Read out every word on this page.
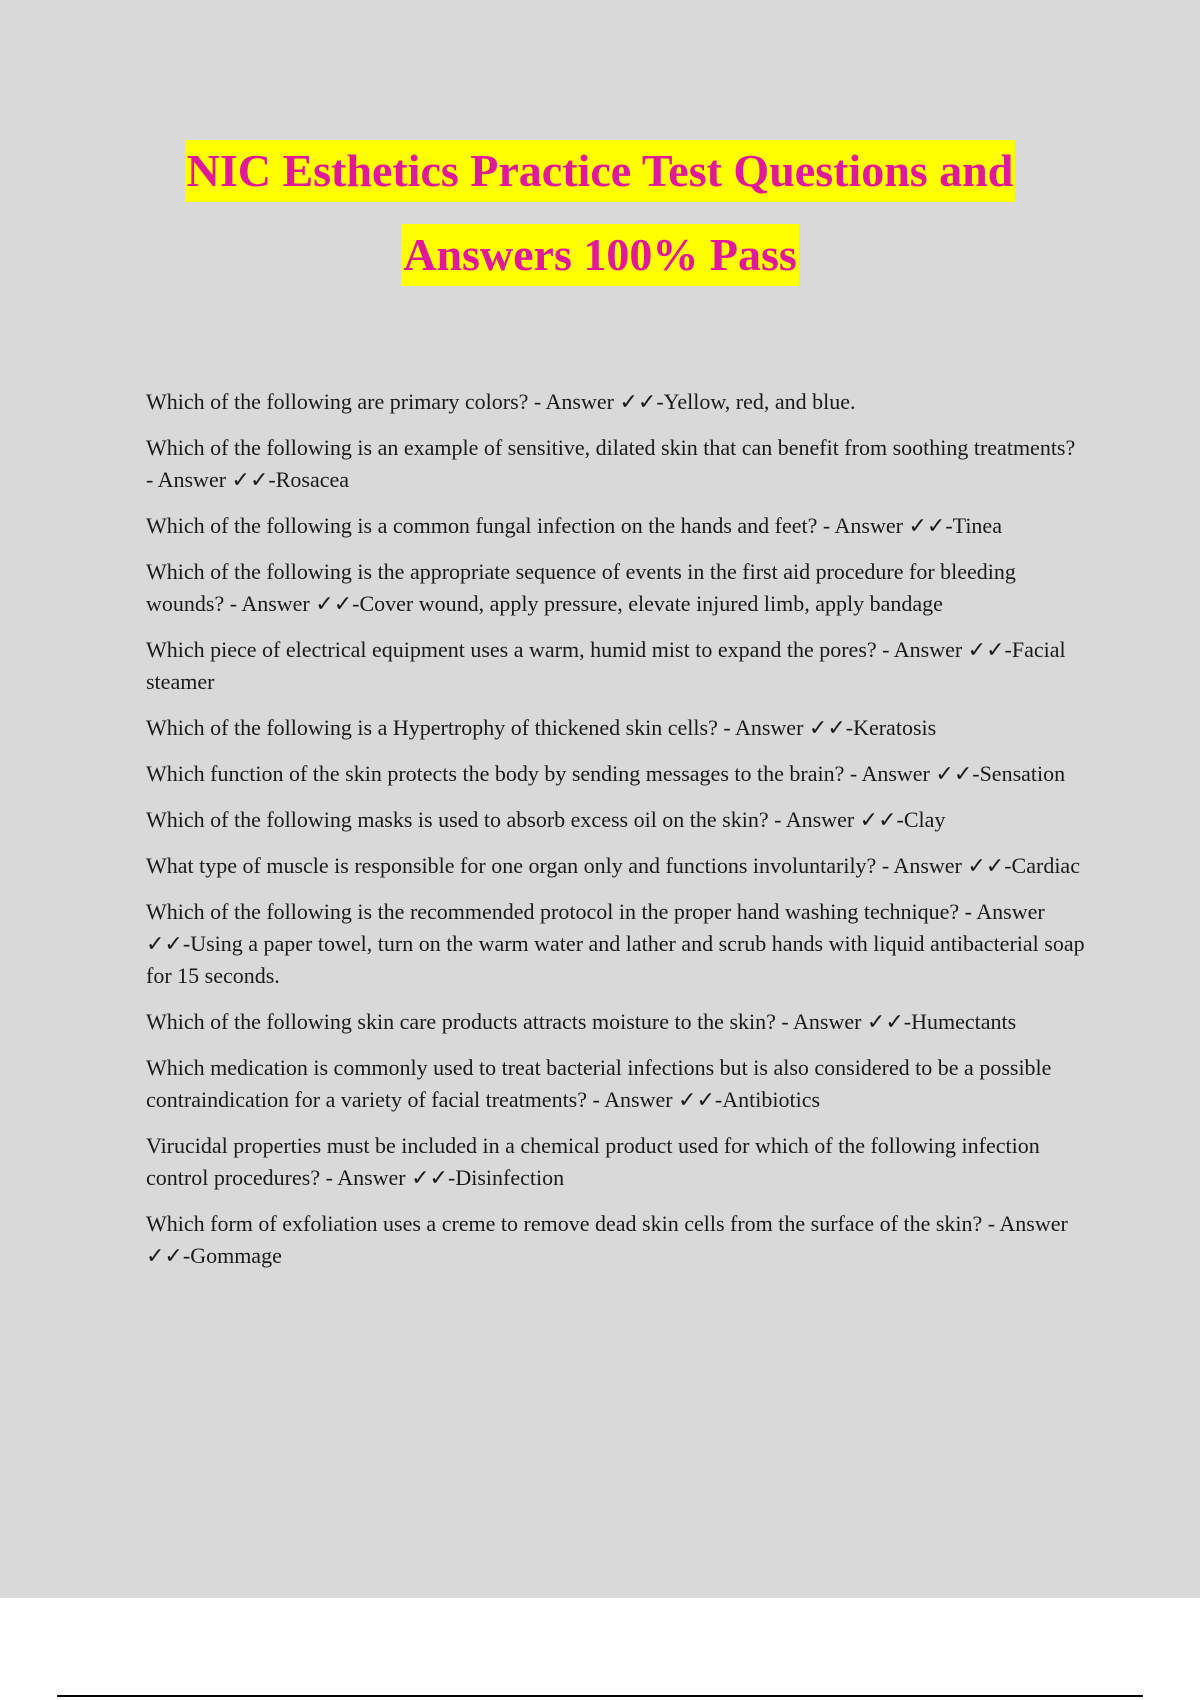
NIC Esthetics Practice Test Questions and
Answers 100% Pass
Which of the following are primary colors? - Answer ✓✓-Yellow, red, and blue.
Which of the following is an example of sensitive, dilated skin that can benefit from soothing treatments? - Answer ✓✓-Rosacea
Which of the following is a common fungal infection on the hands and feet? - Answer ✓✓-Tinea
Which of the following is the appropriate sequence of events in the first aid procedure for bleeding wounds? - Answer ✓✓-Cover wound, apply pressure, elevate injured limb, apply bandage
Which piece of electrical equipment uses a warm, humid mist to expand the pores? - Answer ✓✓-Facial steamer
Which of the following is a Hypertrophy of thickened skin cells? - Answer ✓✓-Keratosis
Which function of the skin protects the body by sending messages to the brain? - Answer ✓✓-Sensation
Which of the following masks is used to absorb excess oil on the skin? - Answer ✓✓-Clay
What type of muscle is responsible for one organ only and functions involuntarily? - Answer ✓✓-Cardiac
Which of the following is the recommended protocol in the proper hand washing technique? - Answer ✓✓-Using a paper towel, turn on the warm water and lather and scrub hands with liquid antibacterial soap for 15 seconds.
Which of the following skin care products attracts moisture to the skin? - Answer ✓✓-Humectants
Which medication is commonly used to treat bacterial infections but is also considered to be a possible contraindication for a variety of facial treatments? - Answer ✓✓-Antibiotics
Virucidal properties must be included in a chemical product used for which of the following infection control procedures? - Answer ✓✓-Disinfection
Which form of exfoliation uses a creme to remove dead skin cells from the surface of the skin? - Answer ✓✓-Gommage
